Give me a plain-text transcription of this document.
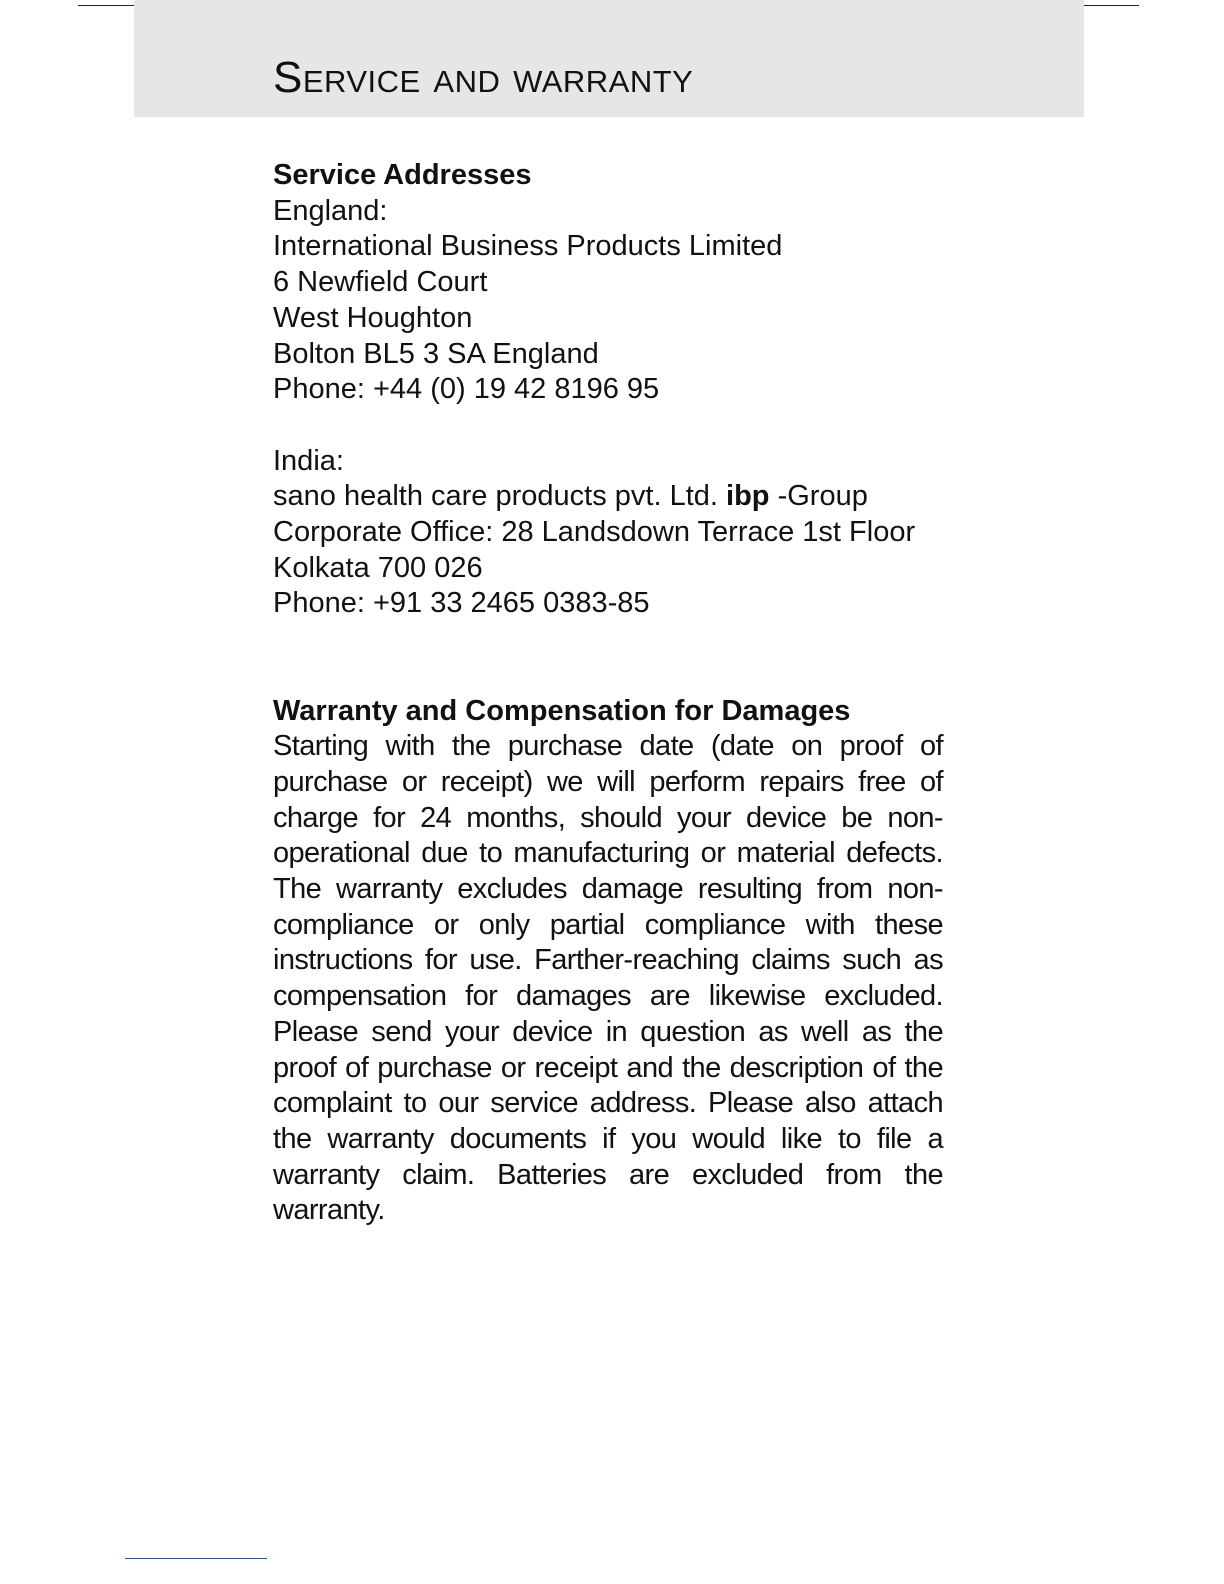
Service and warranty
Service Addresses

England:

International Business Products Limited

6 Newfield Court

West Houghton

Bolton BL5 3 SA England

Phone: +44 (0) 19 42 8196 95

India:

sano health care products pvt. Ltd. ibp -Group

Corporate Office: 28 Landsdown Terrace 1st Floor

Kolkata 700 026

Phone: +91 33 2465 0383-85

Warranty and Compensation for Damages

Starting with the purchase date (date on proof of purchase or receipt) we will perform repairs free of charge for 24 months, should your device be non-operational due to manufacturing or material defects. The warranty excludes damage resulting from non-compliance or only partial compliance with these instructions for use. Farther-reaching claims such as compensation for damages are likewise excluded. Please send your device in question as well as the proof of purchase or receipt and the description of the complaint to our service address. Please also attach the warranty documents if you would like to file a warranty claim. Batteries are excluded from the warranty.
